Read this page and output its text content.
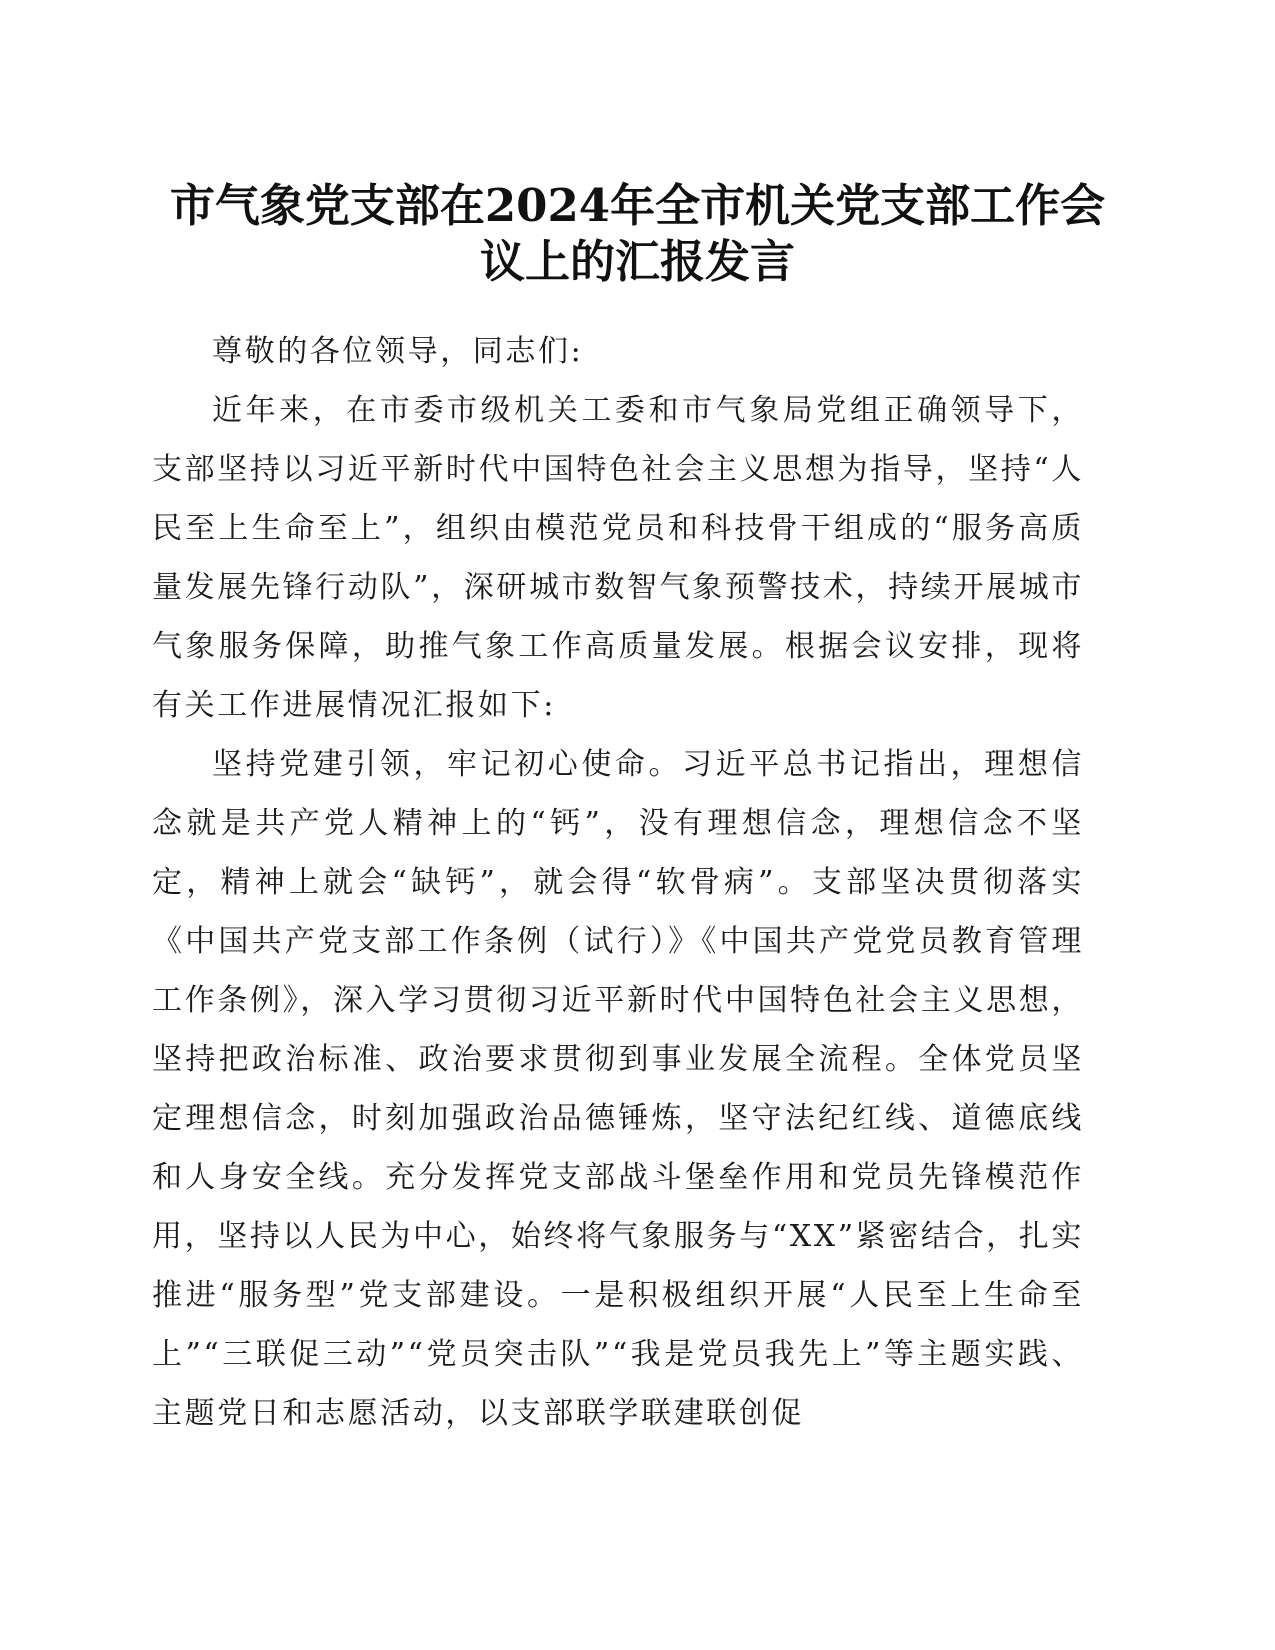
市气象党支部在2024年全市机关党支部工作会
议上的汇报发言

尊敬的各位领导，同志们:

近年来，在市委市级机关工委和市气象局党组正确领导下，支部坚持以习近平新时代中国特色社会主义思想为指导，坚持“人民至上生命至上”，组织由模范党员和科技骨干组成的“服务高质量发展先锋行动队”，深研城市数智气象预警技术，持续开展城市气象服务保障，助推气象工作高质量发展。根据会议安排，现将有关工作进展情况汇报如下:

坚持党建引领，牢记初心使命。习近平总书记指出，理想信念就是共产党人精神上的“钙”，没有理想信念，理想信念不坚定，精神上就会“缺钙”，就会得“软骨病”。支部坚决贯彻落实《中国共产党支部工作条例（试行）》《中国共产党党员教育管理工作条例》，深入学习贯彻习近平新时代中国特色社会主义思想，坚持把政治标准、政治要求贯彻到事业发展全流程。全体党员坚定理想信念，时刻加强政治品德锤炼，坚守法纪红线、道德底线和人身安全线。充分发挥党支部战斗堡垒作用和党员先锋模范作用，坚持以人民为中心，始终将气象服务与“XX”紧密结合，扎实推进“服务型”党支部建设。一是积极组织开展“人民至上生命至上”“三联促三动”“党员突击队”“我是党员我先上”等主题实践、主题党日和志愿活动，以支部联学联建联创促
